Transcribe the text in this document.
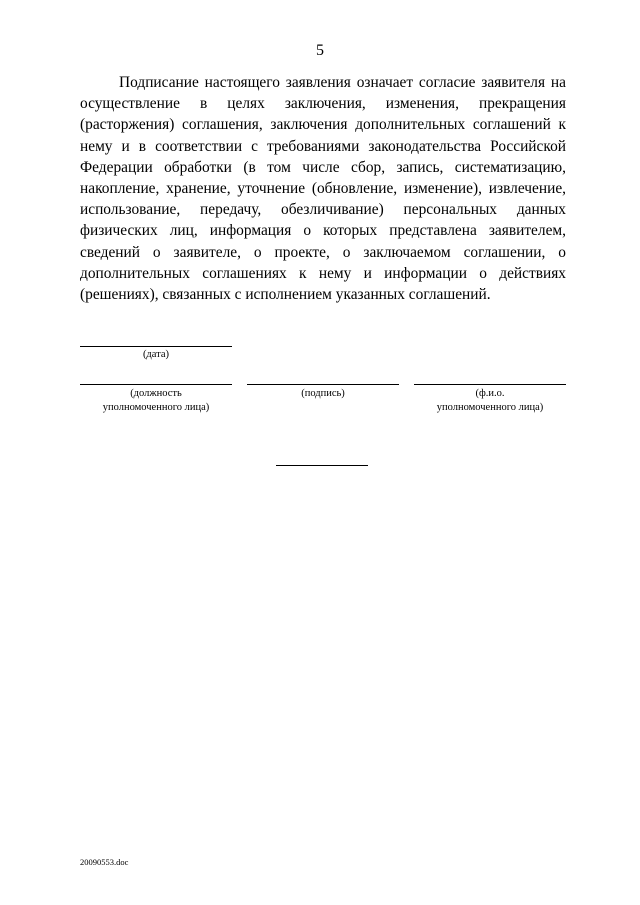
5

Подписание настоящего заявления означает согласие заявителя на осуществление в целях заключения, изменения, прекращения (расторжения) соглашения, заключения дополнительных соглашений к нему и в соответствии с требованиями законодательства Российской Федерации обработки (в том числе сбор, запись, систематизацию, накопление, хранение, уточнение (обновление, изменение), извлечение, использование, передачу, обезличивание) персональных данных физических лиц, информация о которых представлена заявителем, сведений о заявителе, о проекте, о заключаемом соглашении, о дополнительных соглашениях к нему и информации о действиях (решениях), связанных с исполнением указанных соглашений.

(дата)
(должность
уполномоченного лица)
(подпись)	(ф.и.о.
уполномоченного лица)
20090553.doc
